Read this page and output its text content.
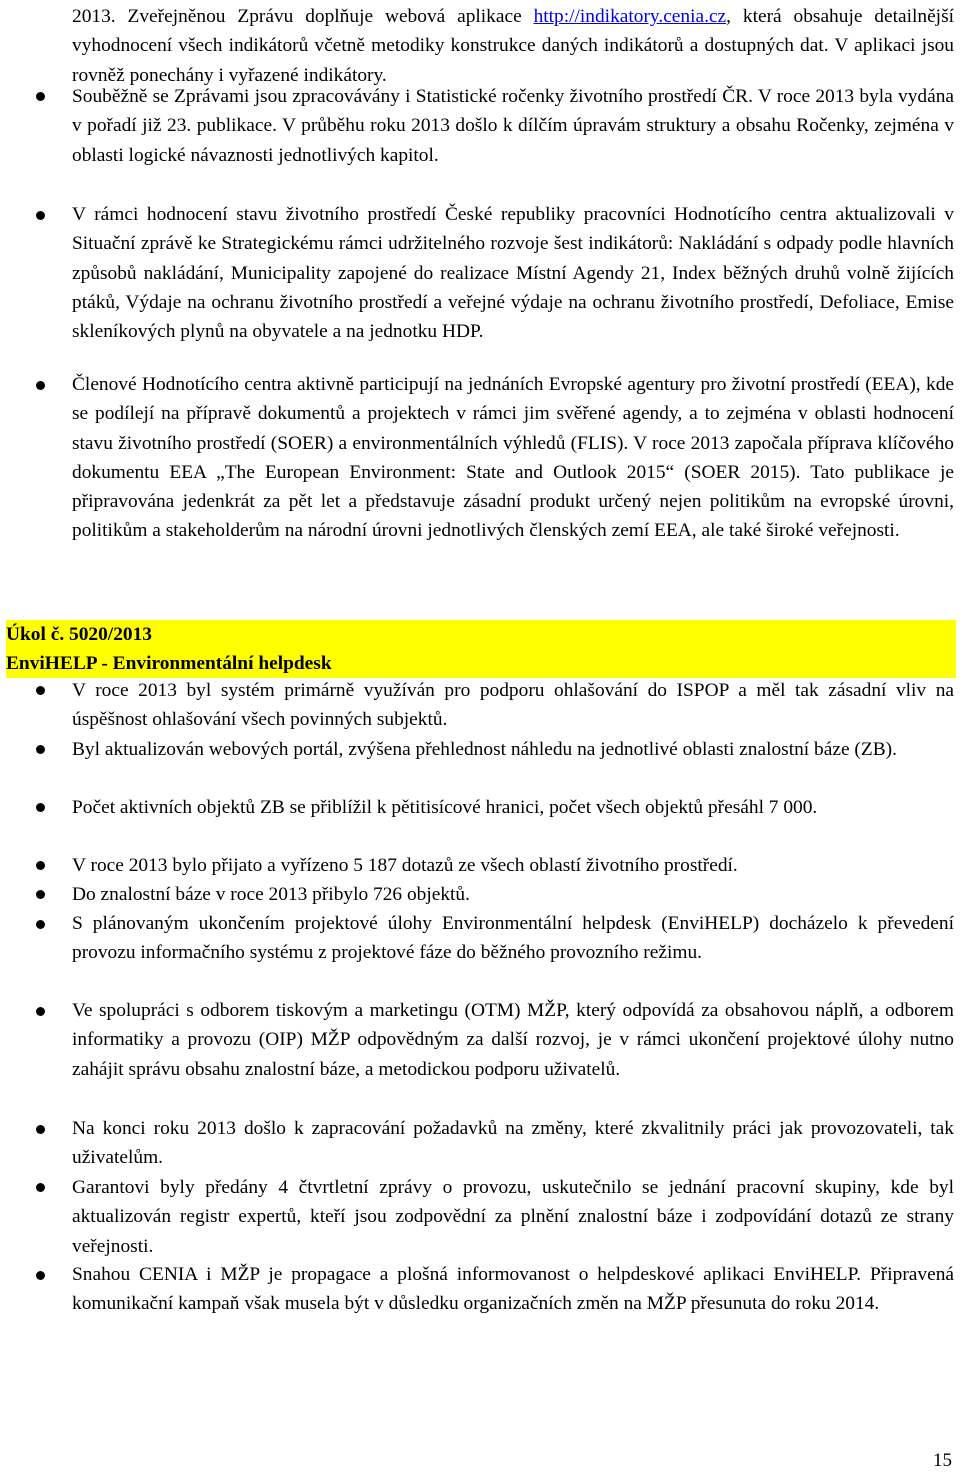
2013. Zveřejněnou Zprávu doplňuje webová aplikace http://indikatory.cenia.cz, která obsahuje detailnější vyhodnocení všech indikátorů včetně metodiky konstrukce daných indikátorů a dostupných dat. V aplikaci jsou rovněž ponechány i vyřazené indikátory.

Souběžně se Zprávami jsou zpracovávány i Statistické ročenky životního prostředí ČR. V roce 2013 byla vydána v pořadí již 23. publikace. V průběhu roku 2013 došlo k dílčím úpravám struktury a obsahu Ročenky, zejména v oblasti logické návaznosti jednotlivých kapitol.

V rámci hodnocení stavu životního prostředí České republiky pracovníci Hodnotícího centra aktualizovali v Situační zprávě ke Strategickému rámci udržitelného rozvoje šest indikátorů: Nakládání s odpady podle hlavních způsobů nakládání, Municipality zapojené do realizace Místní Agendy 21, Index běžných druhů volně žijících ptáků, Výdaje na ochranu životního prostředí a veřejné výdaje na ochranu životního prostředí, Defoliace, Emise skleníkových plynů na obyvatele a na jednotku HDP.

Členové Hodnotícího centra aktivně participují na jednáních Evropské agentury pro životní prostředí (EEA), kde se podílejí na přípravě dokumentů a projektech v rámci jim svěřené agendy, a to zejména v oblasti hodnocení stavu životního prostředí (SOER) a environmentálních výhledů (FLIS). V roce 2013 započala příprava klíčového dokumentu EEA „The European Environment: State and Outlook 2015“ (SOER 2015). Tato publikace je připravována jedenkrát za pět let a představuje zásadní produkt určený nejen politikům na evropské úrovni, politikům a stakeholderům na národní úrovni jednotlivých členských zemí EEA, ale také široké veřejnosti.

Úkol č. 5020/2013
EnviHELP - Environmentální helpdesk

V roce 2013 byl systém primárně využíván pro podporu ohlašování do ISPOP a měl tak zásadní vliv na úspěšnost ohlašování všech povinných subjektů.

Byl aktualizován webových portál, zvýšena přehlednost náhledu na jednotlivé oblasti znalostní báze (ZB).

Počet aktivních objektů ZB se přiblížil k pětitisícové hranici, počet všech objektů přesáhl 7 000.

V roce 2013 bylo přijato a vyřízeno 5 187 dotazů ze všech oblastí životního prostředí.

Do znalostní báze v roce 2013 přibylo 726 objektů.

S plánovaným ukončením projektové úlohy Environmentální helpdesk (EnviHELP) docházelo k převedení provozu informačního systému z projektové fáze do běžného provozního režimu.

Ve spolupráci s odborem tiskovým a marketingu (OTM) MŽP, který odpovídá za obsahovou náplň, a odborem informatiky a provozu (OIP) MŽP odpovědným za další rozvoj, je v rámci ukončení projektové úlohy nutno zahájit správu obsahu znalostní báze, a metodickou podporu uživatelů.

Na konci roku 2013 došlo k zapracování požadavků na změny, které zkvalitnily práci jak provozovateli, tak uživatelům.

Garantovi byly předány 4 čtvrtletní zprávy o provozu, uskutečnilo se jednání pracovní skupiny, kde byl aktualizován registr expertů, kteří jsou zodpovědní za plnění znalostní báze i zodpovídání dotazů ze strany veřejnosti.

Snahou CENIA i MŽP je propagace a plošná informovanost o helpdeskové aplikaci EnviHELP. Připravená komunikační kampaň však musela být v důsledku organizačních změn na MŽP přesunuta do roku 2014.

15
